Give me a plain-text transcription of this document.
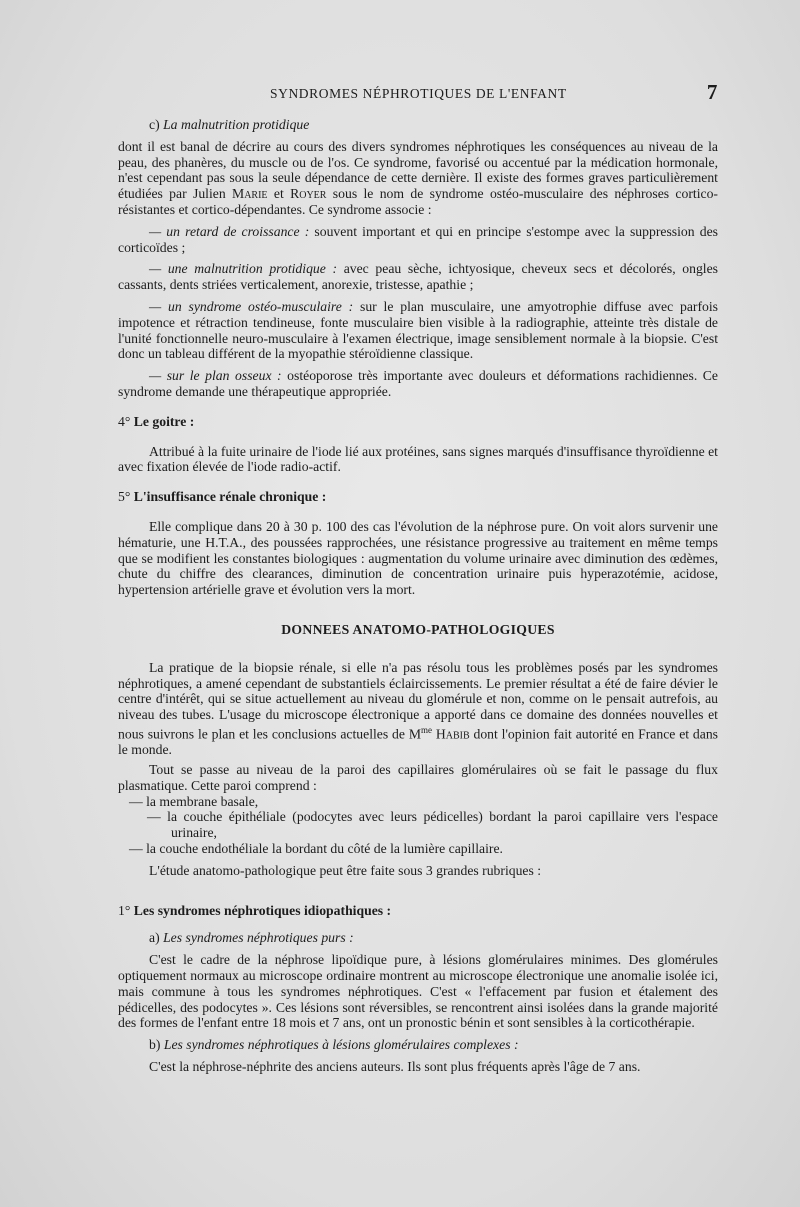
SYNDROMES NÉPHROTIQUES DE L'ENFANT	7

c) La malnutrition protidique

dont il est banal de décrire au cours des divers syndromes néphrotiques les conséquences au niveau de la peau, des phanères, du muscle ou de l'os. Ce syndrome, favorisé ou accentué par la médication hormonale, n'est cependant pas sous la seule dépendance de cette dernière. Il existe des formes graves particulièrement étudiées par Julien Marie et Royer sous le nom de syndrome ostéo-musculaire des néphroses cortico-résistantes et cortico-dépendantes. Ce syndrome associe :

— un retard de croissance : souvent important et qui en principe s'estompe avec la suppression des corticoïdes ;

— une malnutrition protidique : avec peau sèche, ichtyosique, cheveux secs et décolorés, ongles cassants, dents striées verticalement, anorexie, tristesse, apathie ;

— un syndrome ostéo-musculaire : sur le plan musculaire, une amyotrophie diffuse avec parfois impotence et rétraction tendineuse, fonte musculaire bien visible à la radiographie, atteinte très distale de l'unité fonctionnelle neuro-musculaire à l'examen électrique, image sensiblement normale à la biopsie. C'est donc un tableau différent de la myopathie stéroïdienne classique.

— sur le plan osseux : ostéoporose très importante avec douleurs et déformations rachidiennes. Ce syndrome demande une thérapeutique appropriée.

4° Le goitre :

Attribué à la fuite urinaire de l'iode lié aux protéines, sans signes marqués d'insuffisance thyroïdienne et avec fixation élevée de l'iode radio-actif.

5° L'insuffisance rénale chronique :

Elle complique dans 20 à 30 p. 100 des cas l'évolution de la néphrose pure. On voit alors survenir une hématurie, une H.T.A., des poussées rapprochées, une résistance progressive au traitement en même temps que se modifient les constantes biologiques : augmentation du volume urinaire avec diminution des œdèmes, chute du chiffre des clearances, diminution de concentration urinaire puis hyperazotémie, acidose, hypertension artérielle grave et évolution vers la mort.

DONNEES ANATOMO-PATHOLOGIQUES

La pratique de la biopsie rénale, si elle n'a pas résolu tous les problèmes posés par les syndromes néphrotiques, a amené cependant de substantiels éclaircissements. Le premier résultat a été de faire dévier le centre d'intérêt, qui se situe actuellement au niveau du glomérule et non, comme on le pensait autrefois, au niveau des tubes. L'usage du microscope électronique a apporté dans ce domaine des données nouvelles et nous suivrons le plan et les conclusions actuelles de $M^{me}$ Habib dont l'opinion fait autorité en France et dans le monde.

Tout se passe au niveau de la paroi des capillaires glomérulaires où se fait le passage du flux plasmatique. Cette paroi comprend :

— la membrane basale,

— la couche épithéliale (podocytes avec leurs pédicelles) bordant la paroi capillaire vers l'espace urinaire,

— la couche endothéliale la bordant du côté de la lumière capillaire.

L'étude anatomo-pathologique peut être faite sous 3 grandes rubriques :

1° Les syndromes néphrotiques idiopathiques :

a) Les syndromes néphrotiques purs :

C'est le cadre de la néphrose lipoïdique pure, à lésions glomérulaires minimes. Des glomérules optiquement normaux au microscope ordinaire montrent au microscope électronique une anomalie isolée ici, mais commune à tous les syndromes néphrotiques. C'est « l'effacement par fusion et étalement des pédicelles, des podocytes ». Ces lésions sont réversibles, se rencontrent ainsi isolées dans la grande majorité des formes de l'enfant entre 18 mois et 7 ans, ont un pronostic bénin et sont sensibles à la corticothérapie.

b) Les syndromes néphrotiques à lésions glomérulaires complexes :

C'est la néphrose-néphrite des anciens auteurs. Ils sont plus fréquents après l'âge de 7 ans.
